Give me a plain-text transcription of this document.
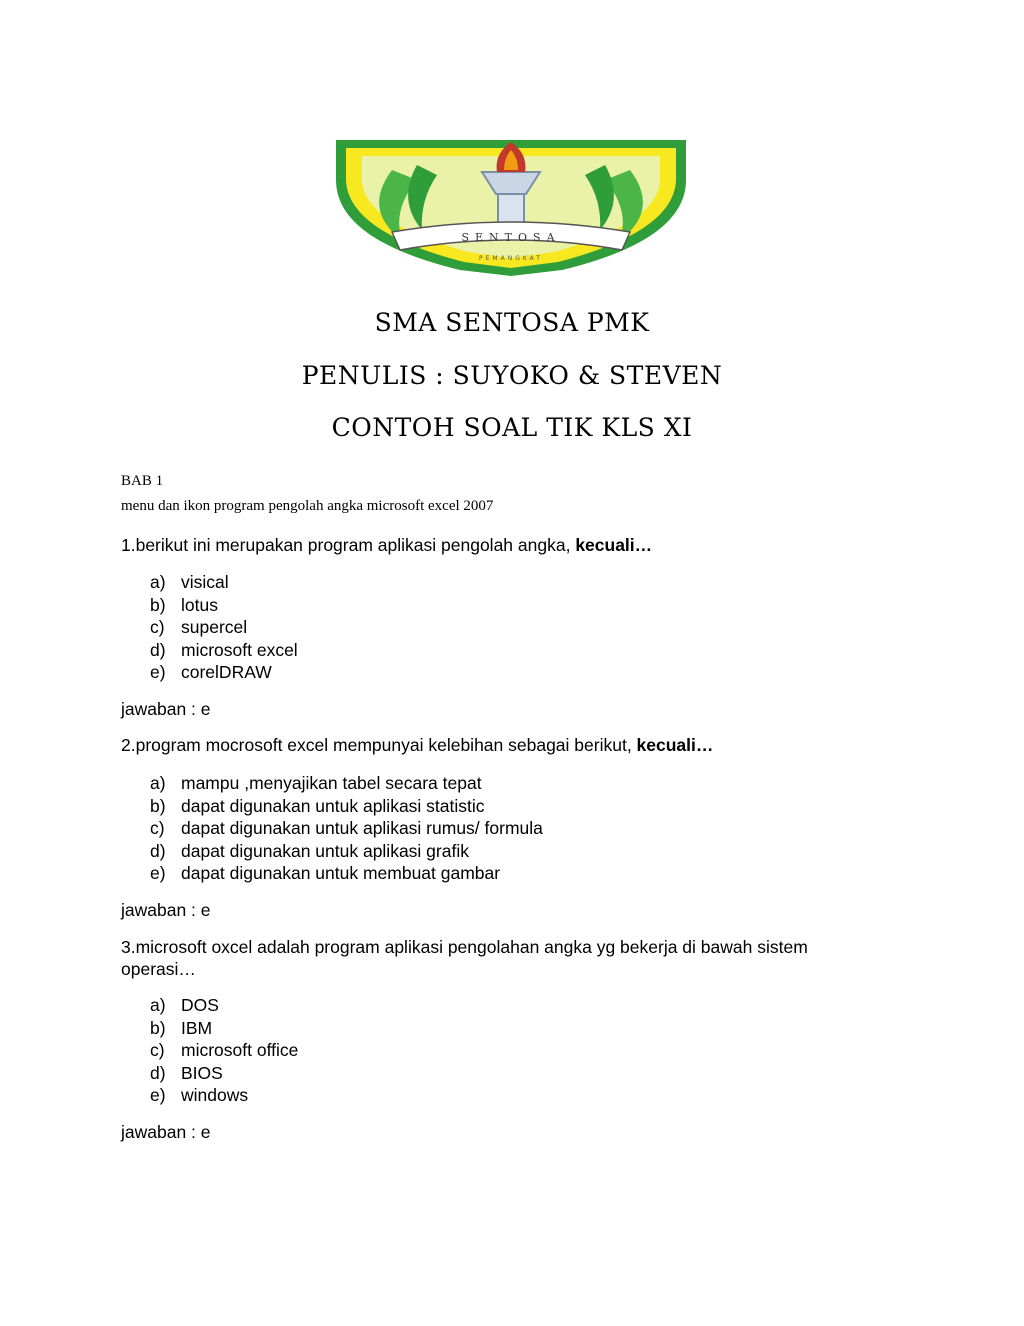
SENTOSA
PEMANGKAT
SMA SENTOSA PMK
PENULIS : SUYOKO & STEVEN
CONTOH SOAL TIK KLS XI
BAB 1
menu dan ikon program pengolah angka microsoft excel 2007
1.berikut ini merupakan program aplikasi pengolah angka, kecuali…
a) visical
b) lotus
c) supercel
d) microsoft excel
e) corelDRAW
jawaban : e
2.program mocrosoft excel mempunyai kelebihan sebagai berikut, kecuali…
a) mampu ,menyajikan tabel secara tepat
b) dapat digunakan untuk aplikasi statistic
c) dapat digunakan untuk aplikasi rumus/ formula
d) dapat digunakan untuk aplikasi grafik
e) dapat digunakan untuk membuat gambar
jawaban : e
3.microsoft oxcel adalah program aplikasi pengolahan angka yg bekerja di bawah sistem operasi…
a) DOS
b) IBM
c) microsoft office
d) BIOS
e) windows
jawaban : e
